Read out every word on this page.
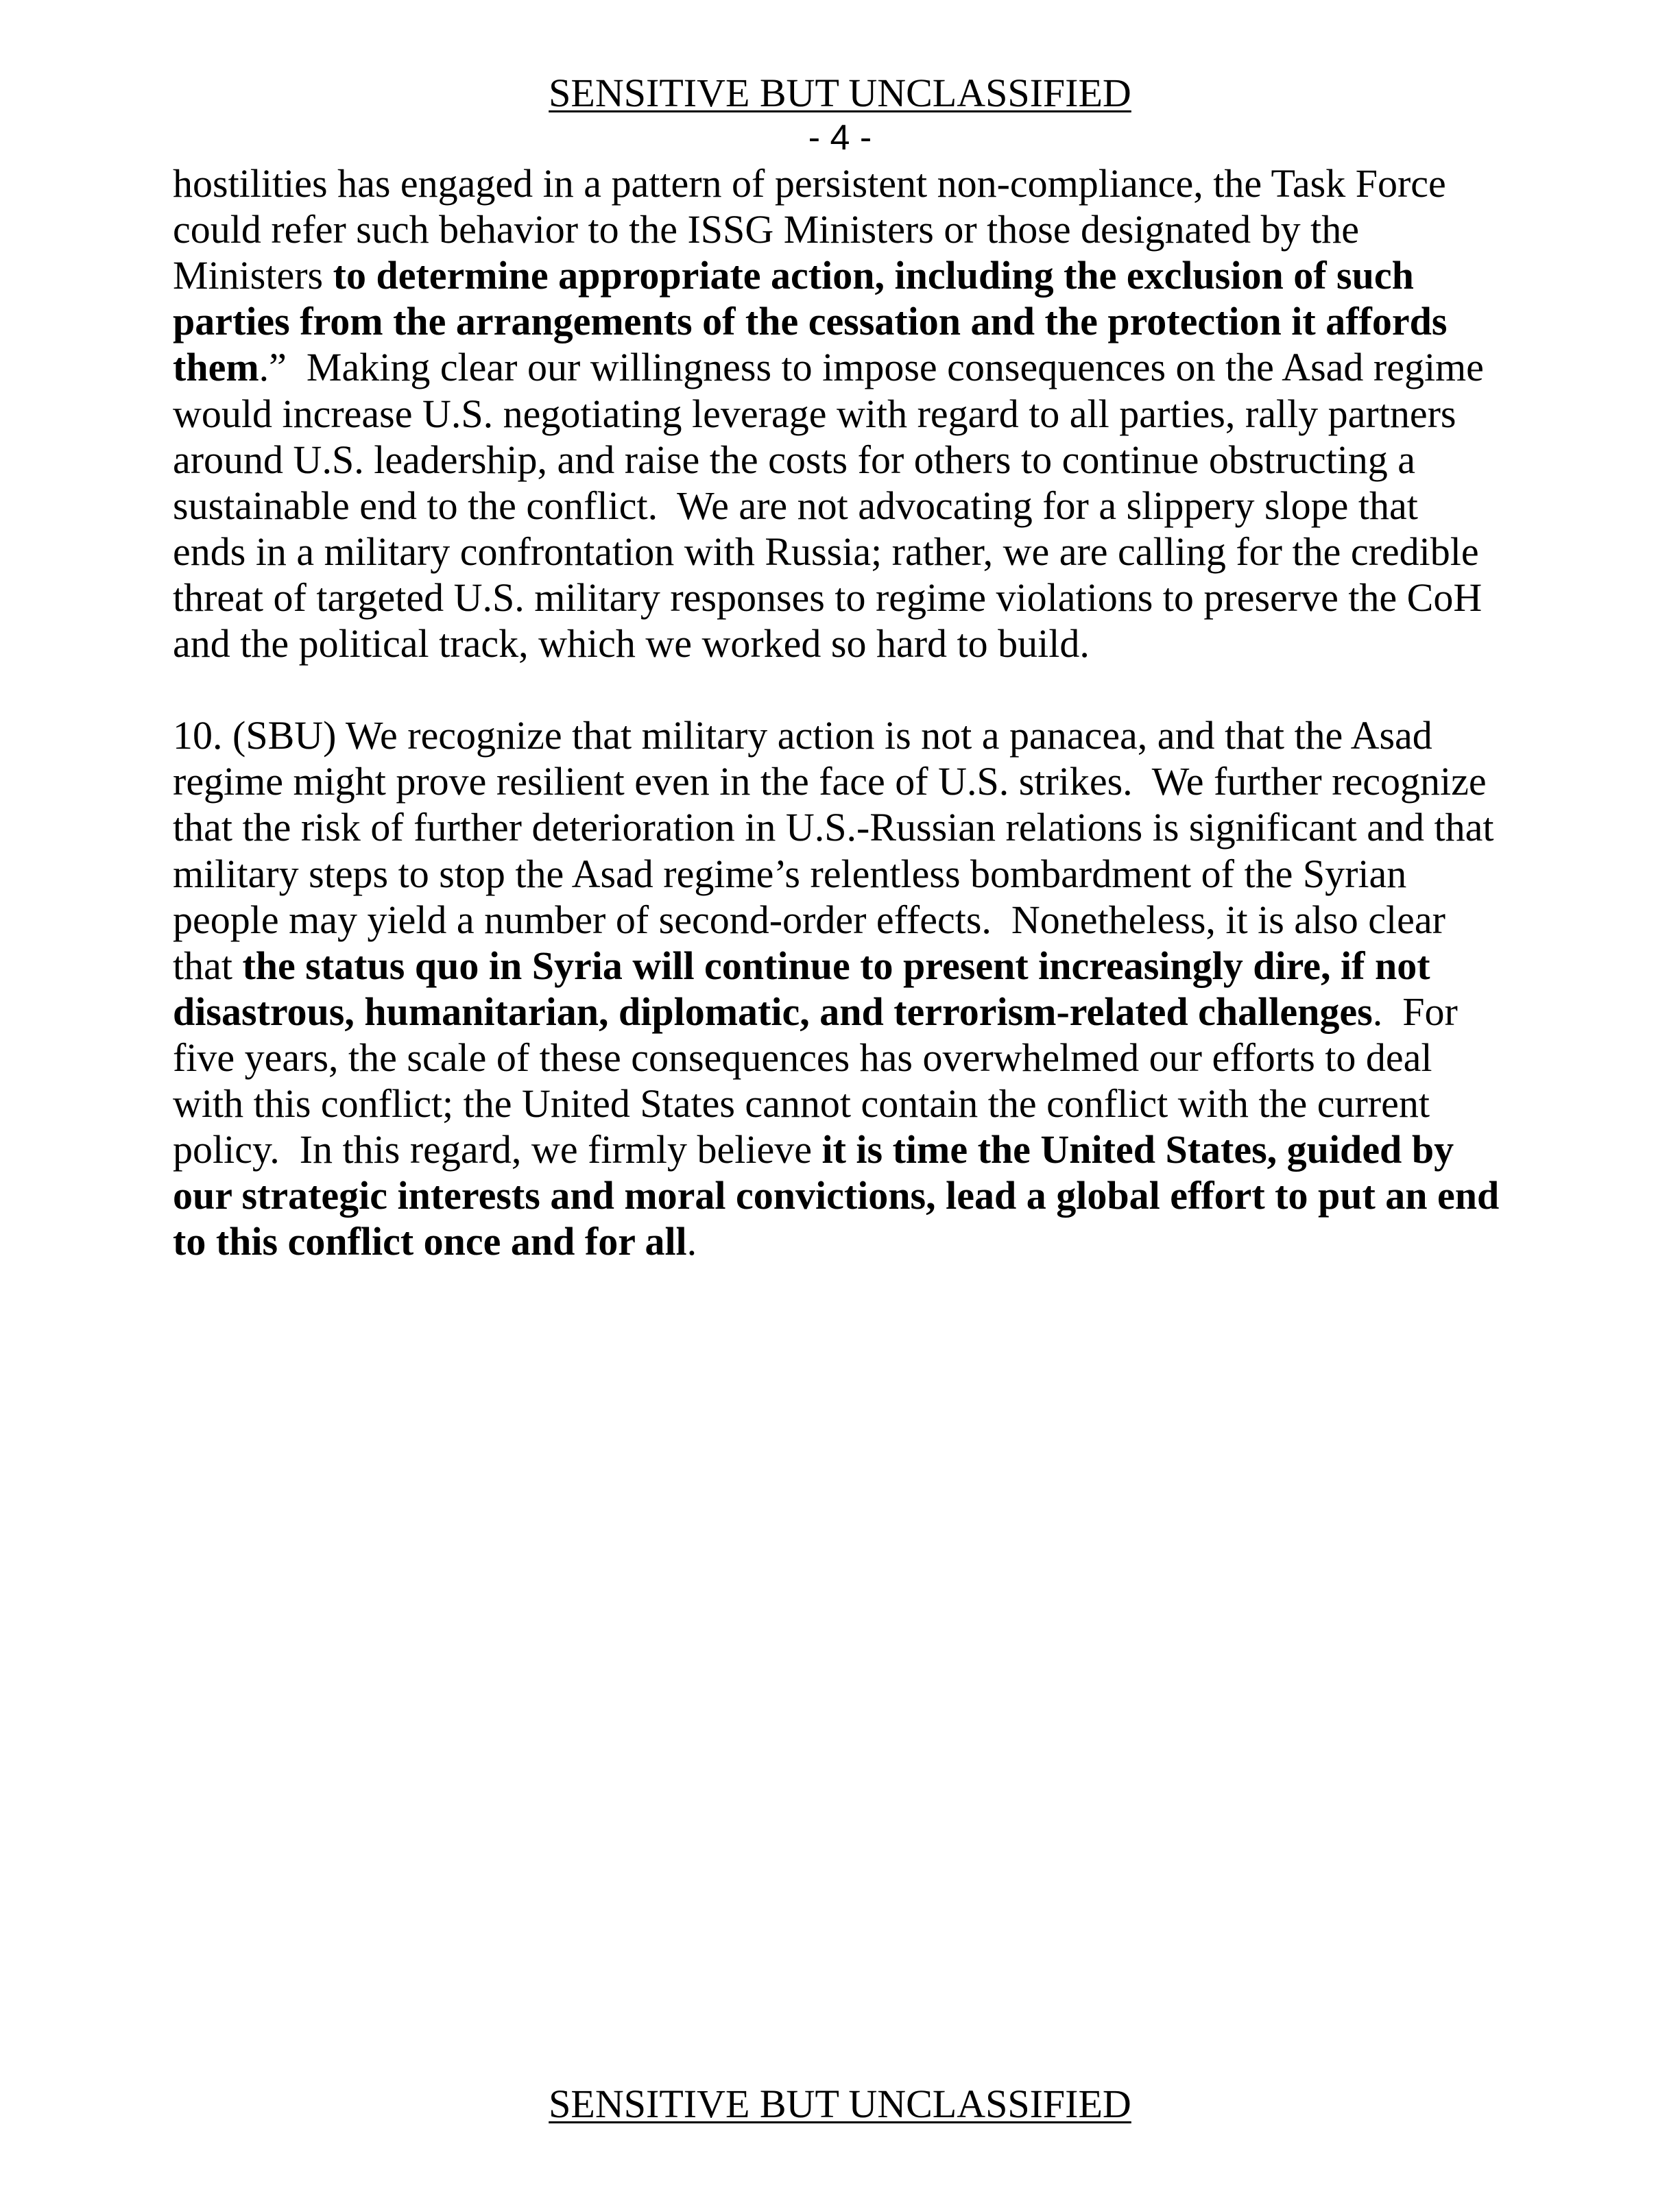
SENSITIVE BUT UNCLASSIFIED
- 4 -
hostilities has engaged in a pattern of persistent non-compliance, the Task Force
could refer such behavior to the ISSG Ministers or those designated by the
Ministers to determine appropriate action, including the exclusion of such
parties from the arrangements of the cessation and the protection it affords
them.”  Making clear our willingness to impose consequences on the Asad regime
would increase U.S. negotiating leverage with regard to all parties, rally partners
around U.S. leadership, and raise the costs for others to continue obstructing a
sustainable end to the conflict.  We are not advocating for a slippery slope that
ends in a military confrontation with Russia; rather, we are calling for the credible
threat of targeted U.S. military responses to regime violations to preserve the CoH
and the political track, which we worked so hard to build.
10. (SBU) We recognize that military action is not a panacea, and that the Asad
regime might prove resilient even in the face of U.S. strikes.  We further recognize
that the risk of further deterioration in U.S.-Russian relations is significant and that
military steps to stop the Asad regime’s relentless bombardment of the Syrian
people may yield a number of second-order effects.  Nonetheless, it is also clear
that the status quo in Syria will continue to present increasingly dire, if not
disastrous, humanitarian, diplomatic, and terrorism-related challenges.  For
five years, the scale of these consequences has overwhelmed our efforts to deal
with this conflict; the United States cannot contain the conflict with the current
policy.  In this regard, we firmly believe it is time the United States, guided by
our strategic interests and moral convictions, lead a global effort to put an end
to this conflict once and for all.
SENSITIVE BUT UNCLASSIFIED
